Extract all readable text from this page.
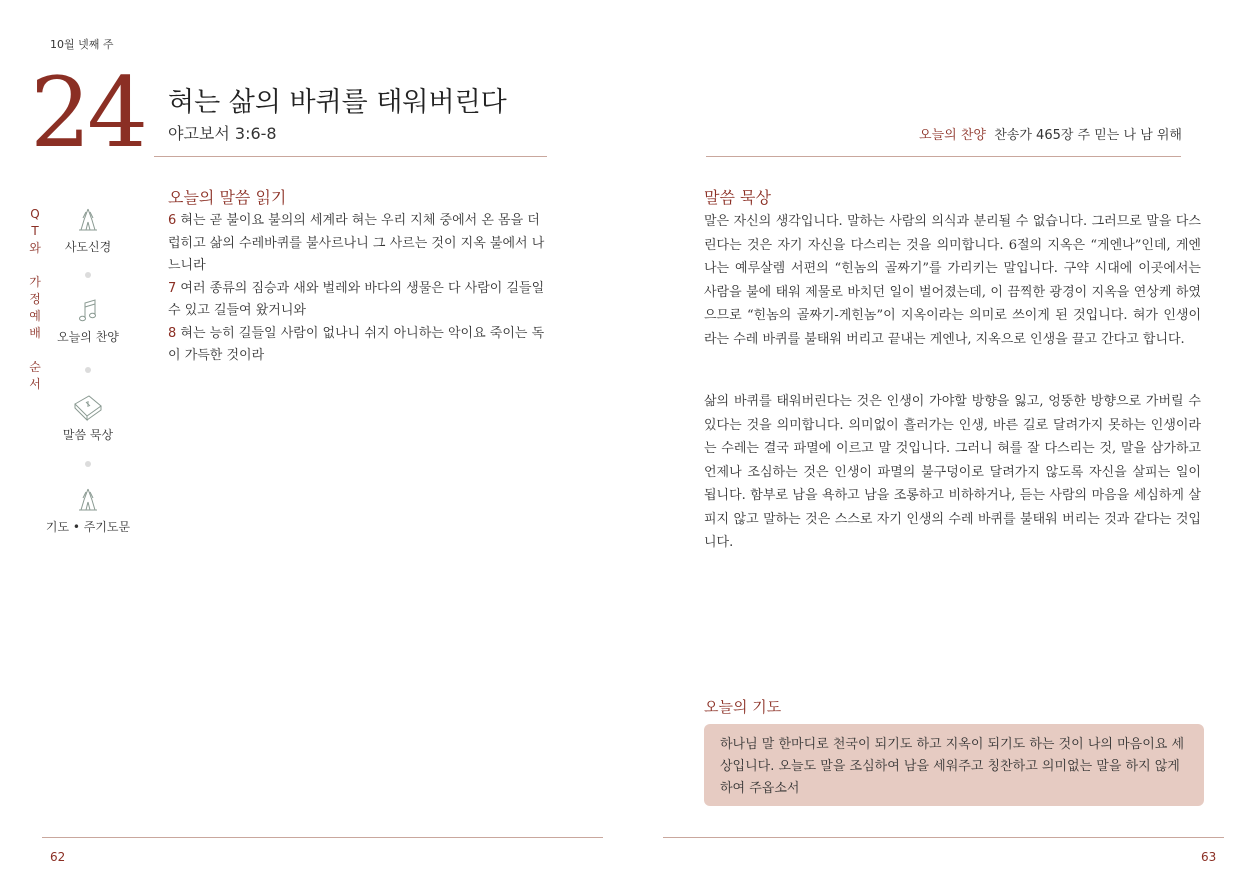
10월 넷째 주
24 혀는 삶의 바퀴를 태워버린다
야고보서 3:6-8
Q
T
와
가
정
예
배
순
서
사도신경
오늘의 찬양
말씀 묵상
기도 • 주기도문
오늘의 말씀 읽기
6 혀는 곧 불이요 불의의 세계라 혀는 우리 지체 중에서 온 몸을 더럽히고 삶의 수레바퀴를 불사르나니 그 사르는 것이 지옥 불에서 나느니라
7 여러 종류의 짐승과 새와 벌레와 바다의 생물은 다 사람이 길들일 수 있고 길들여 왔거니와
8 혀는 능히 길들일 사람이 없나니 쉬지 아니하는 악이요 죽이는 독이 가득한 것이라
62
오늘의 찬양 찬송가 465장 주 믿는 나 남 위해
말씀 묵상

말은 자신의 생각입니다. 말하는 사람의 의식과 분리될 수 없습니다. 그러므로 말을 다스린다는 것은 자기 자신을 다스리는 것을 의미합니다. 6절의 지옥은 “게엔나”인데, 게엔나는 예루살렘 서편의 “힌놈의 골짜기”를 가리키는 말입니다. 구약 시대에 이곳에서는 사람을 불에 태워 제물로 바치던 일이 벌어졌는데, 이 끔찍한 광경이 지옥을 연상케 하였으므로 “힌놈의 골짜기-게힌놈”이 지옥이라는 의미로 쓰이게 된 것입니다. 혀가 인생이라는 수레 바퀴를 불태워 버리고 끝내는 게엔나, 지옥으로 인생을 끌고 간다고 합니다.

삶의 바퀴를 태워버린다는 것은 인생이 가야할 방향을 잃고, 엉뚱한 방향으로 가버릴 수 있다는 것을 의미합니다. 의미없이 흘러가는 인생, 바른 길로 달려가지 못하는 인생이라는 수레는 결국 파멸에 이르고 말 것입니다. 그러니 혀를 잘 다스리는 것, 말을 삼가하고 언제나 조심하는 것은 인생이 파멸의 불구덩이로 달려가지 않도록 자신을 살피는 일이 됩니다. 함부로 남을 욕하고 남을 조롱하고 비하하거나, 듣는 사람의 마음을 세심하게 살피지 않고 말하는 것은 스스로 자기 인생의 수레 바퀴를 불태워 버리는 것과 같다는 것입니다.

오늘의 기도
하나님 말 한마디로 천국이 되기도 하고 지옥이 되기도 하는 것이 나의 마음이요 세상입니다. 오늘도 말을 조심하여 남을 세워주고 칭찬하고 의미없는 말을 하지 않게 하여 주옵소서
63
